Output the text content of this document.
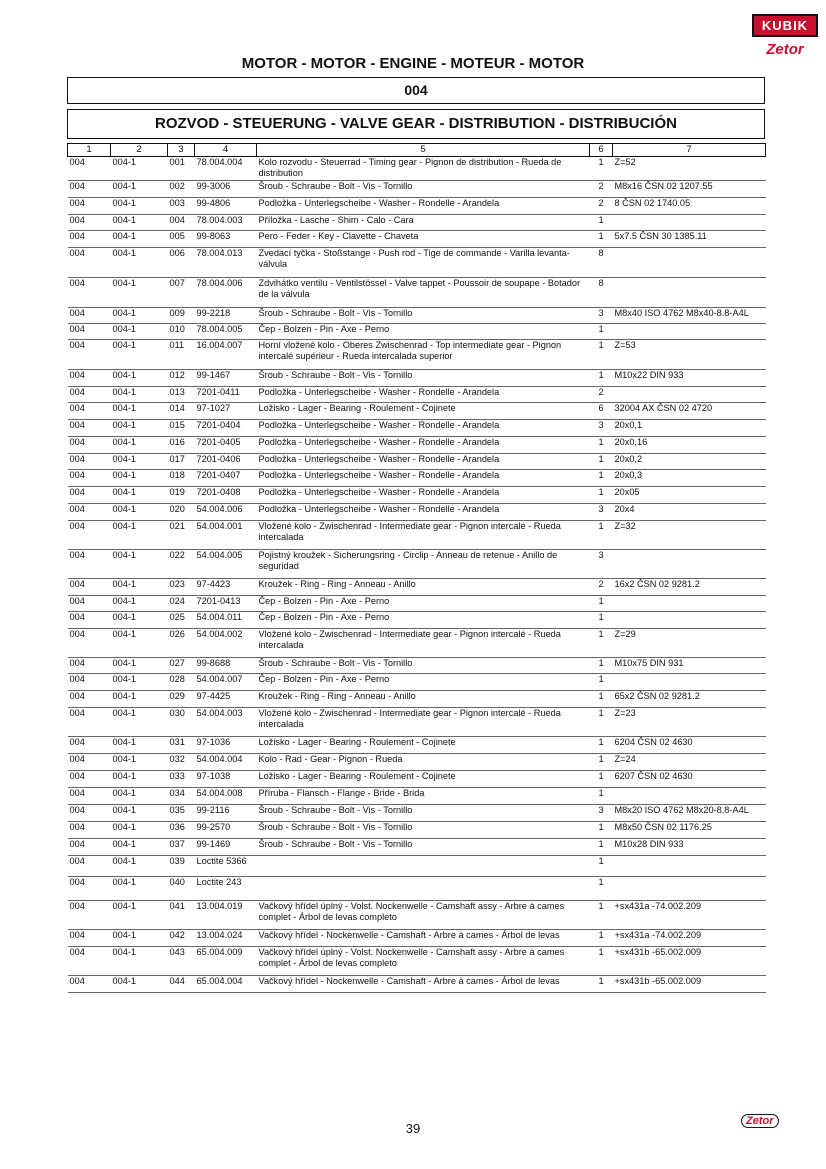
KUBIK
Zetor
MOTOR - MOTOR - ENGINE - MOTEUR - MOTOR
004
ROZVOD - STEUERUNG - VALVE GEAR - DISTRIBUTION - DISTRIBUCIÓN
1	2	3	4	5	6	7
004	004-1	001	78.004.004	Kolo rozvodu - Steuerrad - Timing gear - Pignon de distribution - Rueda de distribution	1	Z=52
004	004-1	002	99-3006	Šroub - Schraube - Bolt - Vis - Tornillo	2	M8x16 ČSN 02 1207.55
004	004-1	003	99-4806	Podložka - Unterlegscheibe - Washer - Rondelle - Arandela	2	8 ČSN 02 1740.05
004	004-1	004	78.004.003	Příložka - Lasche - Shim - Calo - Cara	1	
004	004-1	005	99-8063	Pero - Feder - Key - Clavette - Chaveta	1	5x7.5 ČSN 30 1385.11
004	004-1	006	78.004.013	Zvedací tyčka - Stoßstange - Push rod - Tige de commande - Varilla levanta-válvula	8	
004	004-1	007	78.004.006	Zdvihátko ventilu - Ventilstössel - Valve tappet - Poussoir de soupape - Botador de la válvula	8	
004	004-1	009	99-2218	Šroub - Schraube - Bolt - Vis - Tornillo	3	M8x40 ISO 4762 M8x40-8.8-A4L
004	004-1	010	78.004.005	Čep - Bolzen - Pin - Axe - Perno	1	
004	004-1	011	16.004.007	Horní vložené kolo - Oberes Zwischenrad - Top intermediate gear - Pignon intercalé supérieur - Rueda intercalada superior	1	Z=53
004	004-1	012	99-1467	Šroub - Schraube - Bolt - Vis - Tornillo	1	M10x22 DIN 933
004	004-1	013	7201-0411	Podložka - Unterlegscheibe - Washer - Rondelle - Arandela	2	
004	004-1	014	97-1027	Ložisko - Lager - Bearing - Roulement - Cojinete	6	32004 AX ČSN 02 4720
004	004-1	015	7201-0404	Podložka - Unterlegscheibe - Washer - Rondelle - Arandela	3	20x0,1
004	004-1	016	7201-0405	Podložka - Unterlegscheibe - Washer - Rondelle - Arandela	1	20x0,16
004	004-1	017	7201-0406	Podložka - Unterlegscheibe - Washer - Rondelle - Arandela	1	20x0,2
004	004-1	018	7201-0407	Podložka - Unterlegscheibe - Washer - Rondelle - Arandela	1	20x0,3
004	004-1	019	7201-0408	Podložka - Unterlegscheibe - Washer - Rondelle - Arandela	1	20x05
004	004-1	020	54.004.006	Podložka - Unterlegscheibe - Washer - Rondelle - Arandela	3	20x4
004	004-1	021	54.004.001	Vložené kolo - Zwischenrad - Intermediate gear - Pignon intercalé - Rueda intercalada	1	Z=32
004	004-1	022	54.004.005	Pojistný kroužek - Sicherungsring - Circlip - Anneau de retenue - Anillo de seguridad	3	
004	004-1	023	97-4423	Kroužek - Ring - Ring - Anneau - Anillo	2	16x2 ČSN 02 9281.2
004	004-1	024	7201-0413	Čep - Bolzen - Pin - Axe - Perno	1	
004	004-1	025	54.004.011	Čep - Bolzen - Pin - Axe - Perno	1	
004	004-1	026	54.004.002	Vložené kolo - Zwischenrad - Intermediate gear - Pignon intercalé - Rueda intercalada	1	Z=29
004	004-1	027	99-8688	Šroub - Schraube - Bolt - Vis - Tornillo	1	M10x75 DIN 931
004	004-1	028	54.004.007	Čep - Bolzen - Pin - Axe - Perno	1	
004	004-1	029	97-4425	Kroužek - Ring - Ring - Anneau - Anillo	1	65x2 ČSN 02 9281.2
004	004-1	030	54.004.003	Vložené kolo - Zwischenrad - Intermediate gear - Pignon intercalé - Rueda intercalada	1	Z=23
004	004-1	031	97-1036	Ložisko - Lager - Bearing - Roulement - Cojinete	1	6204 ČSN 02 4630
004	004-1	032	54.004.004	Kolo - Rad - Gear - Pignon - Rueda	1	Z=24
004	004-1	033	97-1038	Ložisko - Lager - Bearing - Roulement - Cojinete	1	6207 ČSN 02 4630
004	004-1	034	54.004.008	Příruba - Flansch - Flange - Bride - Brida	1	
004	004-1	035	99-2116	Šroub - Schraube - Bolt - Vis - Tornillo	3	M8x20 ISO 4762 M8x20-8.8-A4L
004	004-1	036	99-2570	Šroub - Schraube - Bolt - Vis - Tornillo	1	M8x50 ČSN 02 1176.25
004	004-1	037	99-1469	Šroub - Schraube - Bolt - Vis - Tornillo	1	M10x28 DIN 933
004	004-1	039	Loctite 5366		1	
004	004-1	040	Loctite 243		1	
004	004-1	041	13.004.019	Vačkový hřídel úplný - Volst. Nockenwelle - Camshaft assy - Arbre à cames complet - Árbol de levas completo	1	+sx431a -74.002.209
004	004-1	042	13.004.024	Vačkový hřídel - Nockenwelle - Camshaft - Arbre à cames - Árbol de levas	1	+sx431a -74.002.209
004	004-1	043	65.004.009	Vačkový hřídel úplný - Volst. Nockenwelle - Camshaft assy - Arbre à cames complet - Árbol de levas completo	1	+sx431b -65.002.009
004	004-1	044	65.004.004	Vačkový hřídel - Nockenwelle - Camshaft - Arbre à cames - Árbol de levas	1	+sx431b -65.002.009
39	Zetor
